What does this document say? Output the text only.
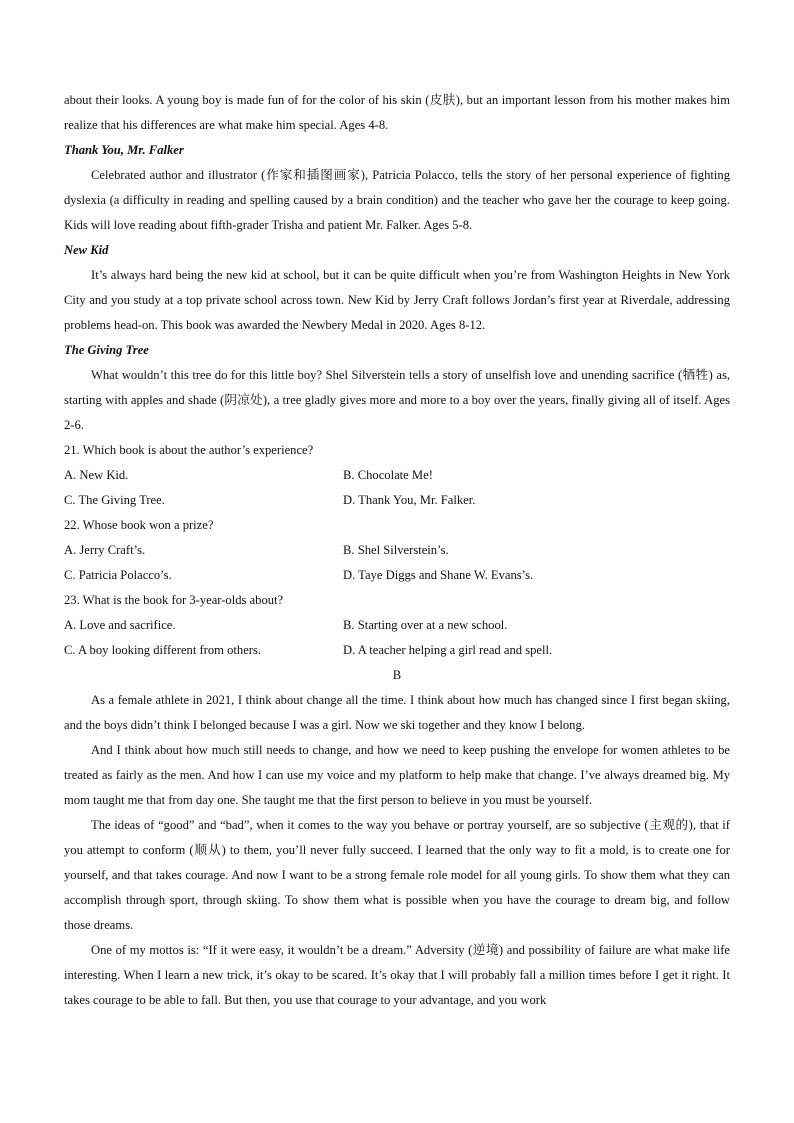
about their looks. A young boy is made fun of for the color of his skin (皮肤), but an important lesson from his mother makes him realize that his differences are what make him special. Ages 4-8.

Thank You, Mr. Falker

Celebrated author and illustrator (作家和插图画家), Patricia Polacco, tells the story of her personal experience of fighting dyslexia (a difficulty in reading and spelling caused by a brain condition) and the teacher who gave her the courage to keep going. Kids will love reading about fifth-grader Trisha and patient Mr. Falker. Ages 5-8.

New Kid

It’s always hard being the new kid at school, but it can be quite difficult when you’re from Washington Heights in New York City and you study at a top private school across town. New Kid by Jerry Craft follows Jordan’s first year at Riverdale, addressing problems head-on. This book was awarded the Newbery Medal in 2020. Ages 8-12.

The Giving Tree

What wouldn’t this tree do for this little boy? Shel Silverstein tells a story of unselfish love and unending sacrifice (牺牲) as, starting with apples and shade (阴凉处), a tree gladly gives more and more to a boy over the years, finally giving all of itself. Ages 2-6.

21. Which book is about the author’s experience?

A. New Kid.	B. Chocolate Me!
C. The Giving Tree.	D. Thank You, Mr. Falker.

22. Whose book won a prize?

A. Jerry Craft’s.	B. Shel Silverstein’s.
C. Patricia Polacco’s.	D. Taye Diggs and Shane W. Evans’s.

23. What is the book for 3-year-olds about?

A. Love and sacrifice.	B. Starting over at a new school.
C. A boy looking different from others.	D. A teacher helping a girl read and spell.

B

As a female athlete in 2021, I think about change all the time. I think about how much has changed since I first began skiing, and the boys didn’t think I belonged because I was a girl. Now we ski together and they know I belong.

And I think about how much still needs to change, and how we need to keep pushing the envelope for women athletes to be treated as fairly as the men. And how I can use my voice and my platform to help make that change. I’ve always dreamed big. My mom taught me that from day one. She taught me that the first person to believe in you must be yourself.

The ideas of “good” and “bad”, when it comes to the way you behave or portray yourself, are so subjective (主观的), that if you attempt to conform (顺从) to them, you’ll never fully succeed. I learned that the only way to fit a mold, is to create one for yourself, and that takes courage. And now I want to be a strong female role model for all young girls. To show them what they can accomplish through sport, through skiing. To show them what is possible when you have the courage to dream big, and follow those dreams.

One of my mottos is: “If it were easy, it wouldn’t be a dream.” Adversity (逆境) and possibility of failure are what make life interesting. When I learn a new trick, it’s okay to be scared. It’s okay that I will probably fall a million times before I get it right. It takes courage to be able to fall. But then, you use that courage to your advantage, and you work
